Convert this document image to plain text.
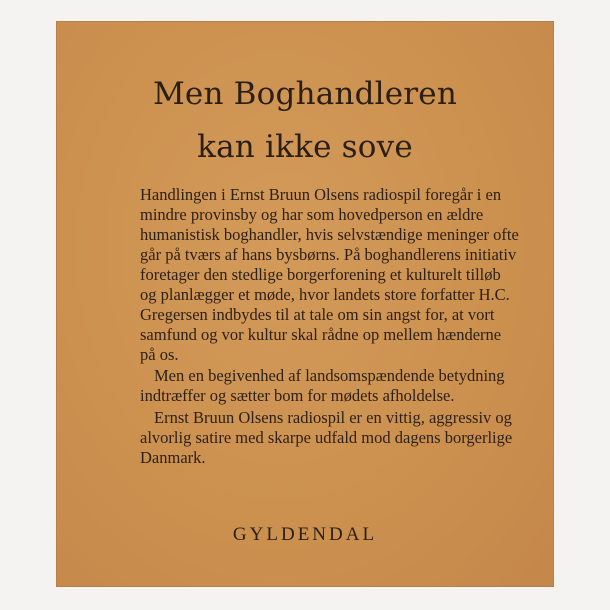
Men Boghandleren
kan ikke sove
Handlingen i Ernst Bruun Olsens radiospil foregår i en
mindre provinsby og har som hovedperson en ældre
humanistisk boghandler, hvis selvstændige meninger ofte
går på tværs af hans bysbørns. På boghandlerens initiativ
foretager den stedlige borgerforening et kulturelt tilløb
og planlægger et møde, hvor landets store forfatter H.C.
Gregersen indbydes til at tale om sin angst for, at vort
samfund og vor kultur skal rådne op mellem hænderne
på os.
Men en begivenhed af landsomspændende betydning
indtræffer og sætter bom for mødets afholdelse.
Ernst Bruun Olsens radiospil er en vittig, aggressiv og
alvorlig satire med skarpe udfald mod dagens borgerlige
Danmark.
GYLDENDAL
